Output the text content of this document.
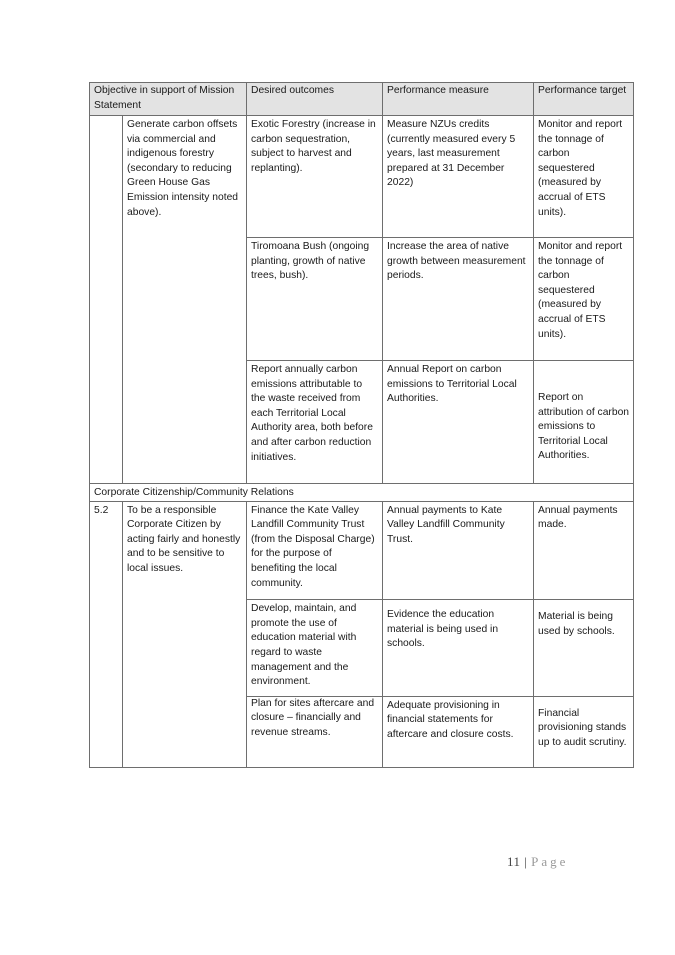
Objective in support of Mission Statement		Desired outcomes	Performance measure	Performance target
	Generate carbon offsets via commercial and indigenous forestry (secondary to reducing Green House Gas Emission intensity noted above).	Exotic Forestry (increase in carbon sequestration, subject to harvest and replanting).	Measure NZUs credits (currently measured every 5 years, last measurement prepared at 31 December 2022)	Monitor and report the tonnage of carbon sequestered (measured by accrual of ETS units).
		Tiromoana Bush (ongoing planting, growth of native trees, bush).	Increase the area of native growth between measurement periods.	Monitor and report the tonnage of carbon sequestered (measured by accrual of ETS units).
		Report annually carbon emissions attributable to the waste received from each Territorial Local Authority area, both before and after carbon reduction initiatives.	Annual Report on carbon emissions to Territorial Local Authorities.	Report on attribution of carbon emissions to Territorial Local Authorities.
Corporate Citizenship/Community Relations				
5.2	To be a responsible Corporate Citizen by acting fairly and honestly and to be sensitive to local issues.	Finance the Kate Valley Landfill Community Trust (from the Disposal Charge) for the purpose of benefiting the local community.	Annual payments to Kate Valley Landfill Community Trust.	Annual payments made.
		Develop, maintain, and promote the use of education material with regard to waste management and the environment.	Evidence the education material is being used in schools.	Material is being used by schools.
		Plan for sites aftercare and closure – financially and revenue streams.	Adequate provisioning in financial statements for aftercare and closure costs.	Financial provisioning stands up to audit scrutiny.
11 | Page
